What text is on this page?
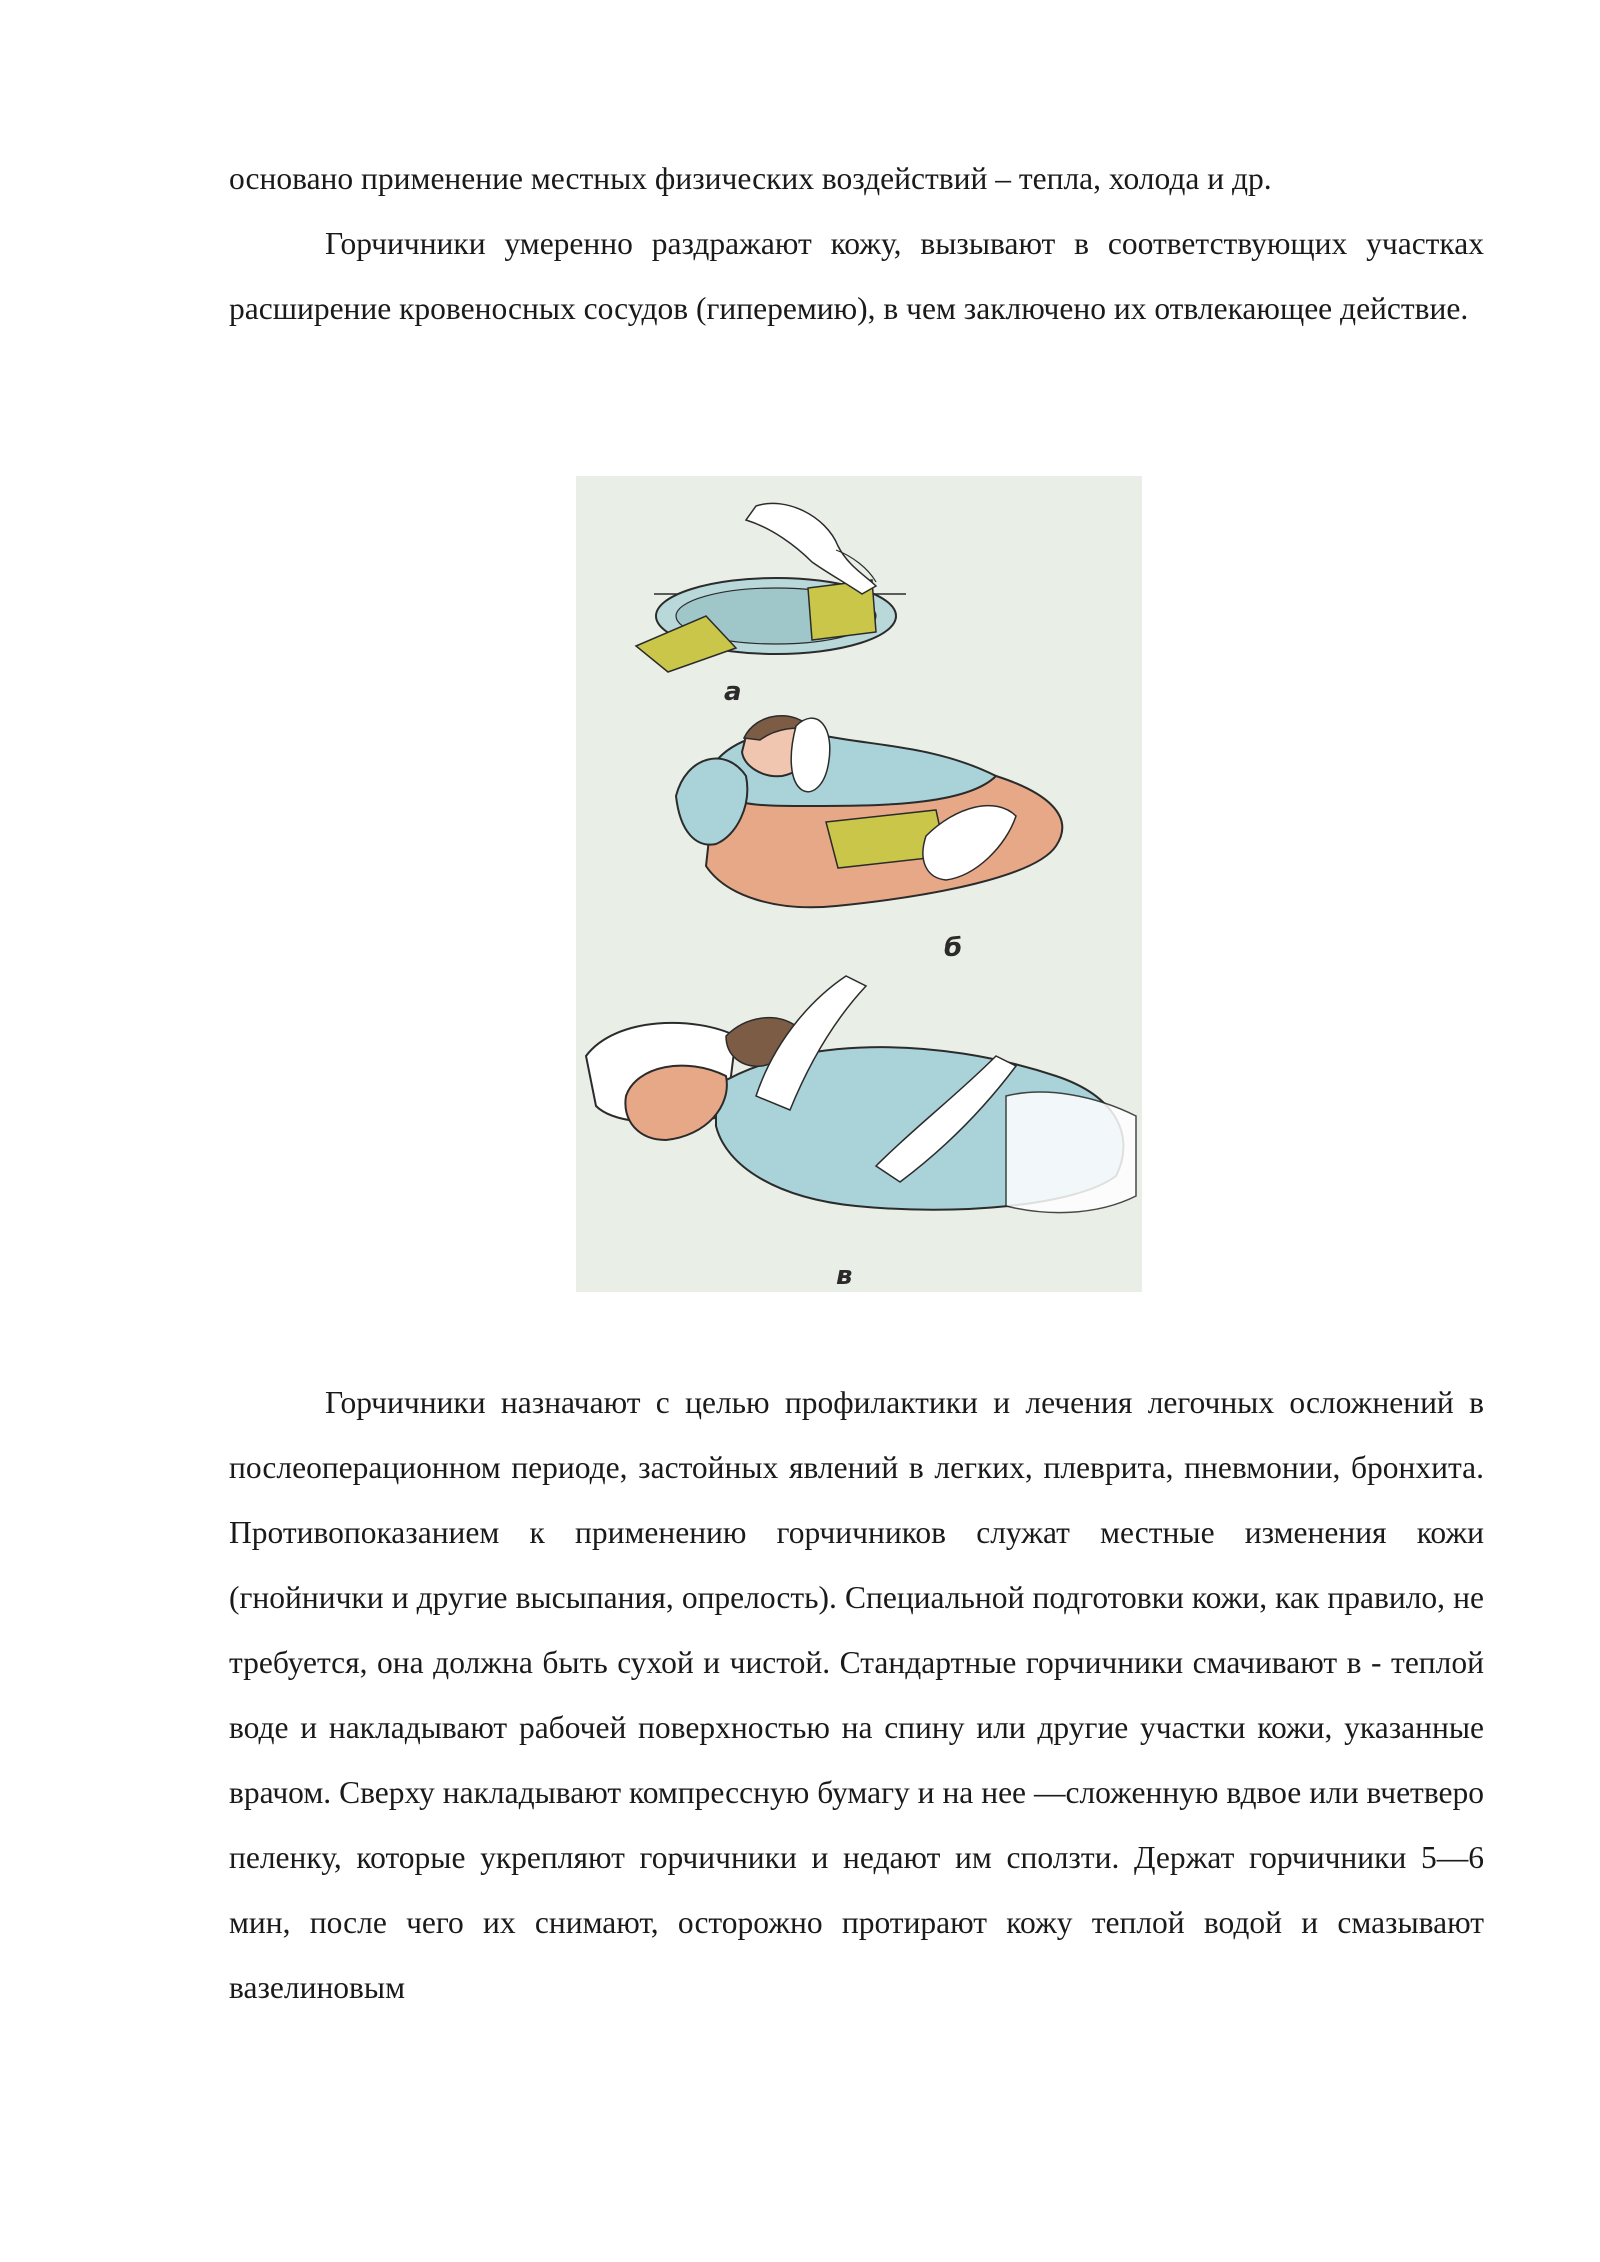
основано применение местных физических воздействий – тепла, холода и др.

Горчичники умеренно раздражают кожу, вызывают в соответствующих участках расширение кровеносных сосудов (гиперемию), в чем заключено их отвлекающее действие.

а
б
в

Горчичники назначают с целью профилактики и лечения легочных осложнений в послеоперационном периоде, застойных явлений в легких, плеврита, пневмонии, бронхита. Противопоказанием к применению горчичников служат местные изменения кожи (гнойнички и другие высыпания, опрелость). Специальной подготовки кожи, как правило, не требуется, она должна быть сухой и чистой. Стандартные горчичники смачивают в - теплой воде и накладывают рабочей поверхностью на спину или другие участки кожи, указанные врачом. Сверху накладывают компрессную бумагу и на нее —сложенную вдвое или вчетверо пеленку, которые укрепляют горчичники и недают им сползти. Держат горчичники 5—6 мин, после чего их снимают, осторожно протирают кожу теплой водой и смазывают вазелиновым
